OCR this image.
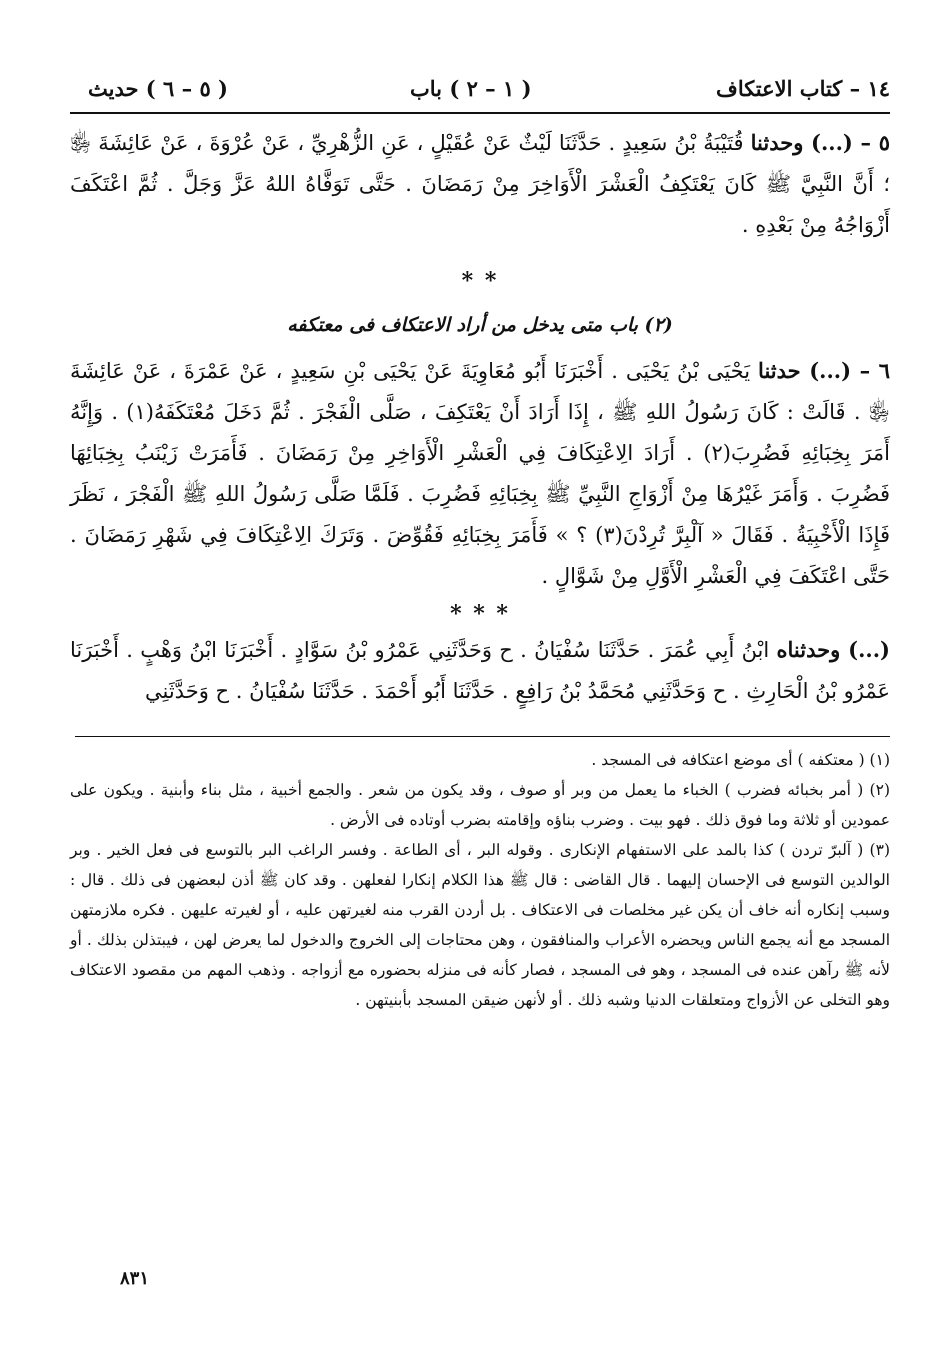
١٤ – كتاب الاعتكاف
( ١ – ٢ ) باب
( ٥ – ٦ ) حديث

٥ – (...) وحدثنا قُتَيْبَةُ بْنُ سَعِيدٍ . حَدَّثَنَا لَيْثٌ عَنْ عُقَيْلٍ ، عَنِ الزُّهْرِيِّ ، عَنْ عُرْوَةَ ، عَنْ عَائِشَةَ ﵂ ؛ أَنَّ النَّبِيَّ ﷺ كَانَ يَعْتَكِفُ الْعَشْرَ الْأَوَاخِرَ مِنْ رَمَضَانَ . حَتَّى تَوَفَّاهُ اللهُ عَزَّ وَجَلَّ . ثُمَّ اعْتَكَفَ أَزْوَاجُهُ مِنْ بَعْدِهِ .

* *
(٢) باب متى يدخل من أراد الاعتكاف فى معتكفه

٦ – (...) حدثنا يَحْيَى بْنُ يَحْيَى . أَخْبَرَنَا أَبُو مُعَاوِيَةَ عَنْ يَحْيَى بْنِ سَعِيدٍ ، عَنْ عَمْرَةَ ، عَنْ عَائِشَةَ ﵂ . قَالَتْ : كَانَ رَسُولُ اللهِ ﷺ ، إِذَا أَرَادَ أَنْ يَعْتَكِفَ ، صَلَّى الْفَجْرَ . ثُمَّ دَخَلَ مُعْتَكَفَهُ(١) . وَإِنَّهُ أَمَرَ بِخِبَائِهِ فَضُرِبَ(٢) . أَرَادَ الِاعْتِكَافَ فِي الْعَشْرِ الْأَوَاخِرِ مِنْ رَمَضَانَ . فَأَمَرَتْ زَيْنَبُ بِخِبَائِهَا فَضُرِبَ . وَأَمَرَ غَيْرُهَا مِنْ أَزْوَاجِ النَّبِيِّ ﷺ بِخِبَائِهِ فَضُرِبَ . فَلَمَّا صَلَّى رَسُولُ اللهِ ﷺ الْفَجْرَ ، نَظَرَ فَإِذَا الْأَخْبِيَةُ . فَقَالَ « آلْبِرَّ تُرِدْنَ(٣) ؟ » فَأَمَرَ بِخِبَائِهِ فَقُوِّضَ . وَتَرَكَ الِاعْتِكَافَ فِي شَهْرِ رَمَضَانَ . حَتَّى اعْتَكَفَ فِي الْعَشْرِ الْأَوَّلِ مِنْ شَوَّالٍ .

* * *

(...) وحدثناه ابْنُ أَبِي عُمَرَ . حَدَّثَنَا سُفْيَانُ . ح وَحَدَّثَنِي عَمْرُو بْنُ سَوَّادٍ . أَخْبَرَنَا ابْنُ وَهْبٍ . أَخْبَرَنَا عَمْرُو بْنُ الْحَارِثِ . ح وَحَدَّثَنِي مُحَمَّدُ بْنُ رَافِعٍ . حَدَّثَنَا أَبُو أَحْمَدَ . حَدَّثَنَا سُفْيَانُ . ح وَحَدَّثَنِي

(١) ( معتكفه ) أى موضع اعتكافه فى المسجد .

(٢) ( أمر بخبائه فضرب ) الخباء ما يعمل من وبر أو صوف ، وقد يكون من شعر . والجمع أخبية ، مثل بناء وأبنية . ويكون على عمودين أو ثلاثة وما فوق ذلك . فهو بيت . وضرب بناؤه وإقامته بضرب أوتاده فى الأرض .

(٣) ( آلبرّ تردن ) كذا بالمد على الاستفهام الإنكارى . وقوله البر ، أى الطاعة . وفسر الراغب البر بالتوسع فى فعل الخير . وبر الوالدين التوسع فى الإحسان إليهما . قال القاضى : قال ﷺ هذا الكلام إنكارا لفعلهن . وقد كان ﷺ أذن لبعضهن فى ذلك . قال : وسبب إنكاره أنه خاف أن يكن غير مخلصات فى الاعتكاف . بل أردن القرب منه لغيرتهن عليه ، أو لغيرته عليهن . فكره ملازمتهن المسجد مع أنه يجمع الناس ويحضره الأعراب والمنافقون ، وهن محتاجات إلى الخروج والدخول لما يعرض لهن ، فيبتذلن بذلك . أو لأنه ﷺ رآهن عنده فى المسجد ، وهو فى المسجد ، فصار كأنه فى منزله بحضوره مع أزواجه . وذهب المهم من مقصود الاعتكاف وهو التخلى عن الأزواج ومتعلقات الدنيا وشبه ذلك . أو لأنهن ضيقن المسجد بأبنيتهن .

٨٣١
